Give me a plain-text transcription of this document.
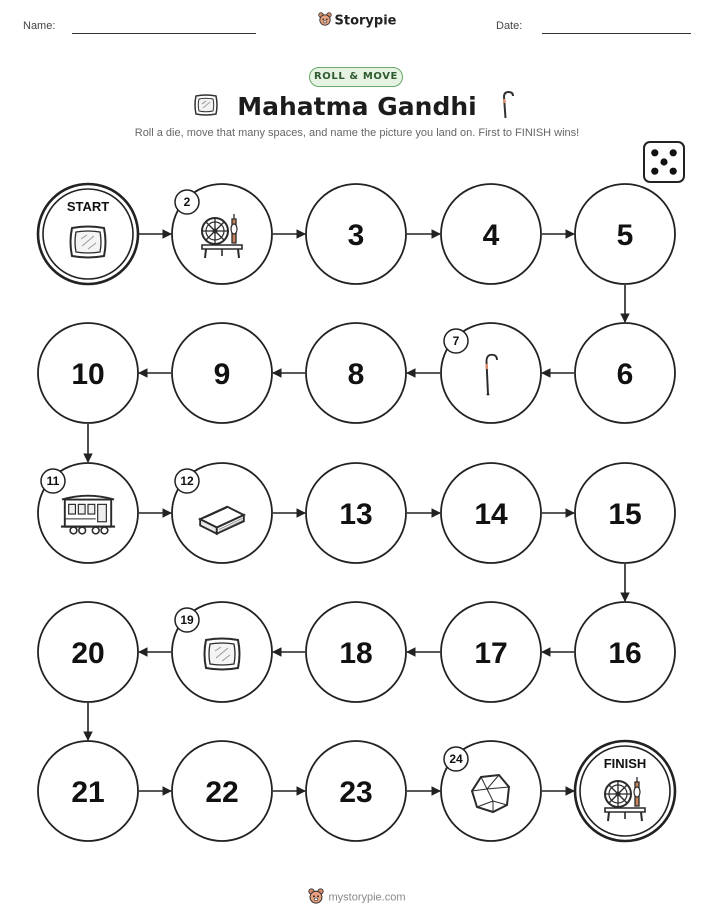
Name:	Storypie	Date:
ROLL & MOVE
Mahatma Gandhi
Roll a die, move that many spaces, and name the picture you land on. First to FINISH wins!
START	2
3	4	5
6
7
8
9
10
11	12
13	14	15
16
17
18
19
20
21	22	23
24	FINISH
mystorypie.com
